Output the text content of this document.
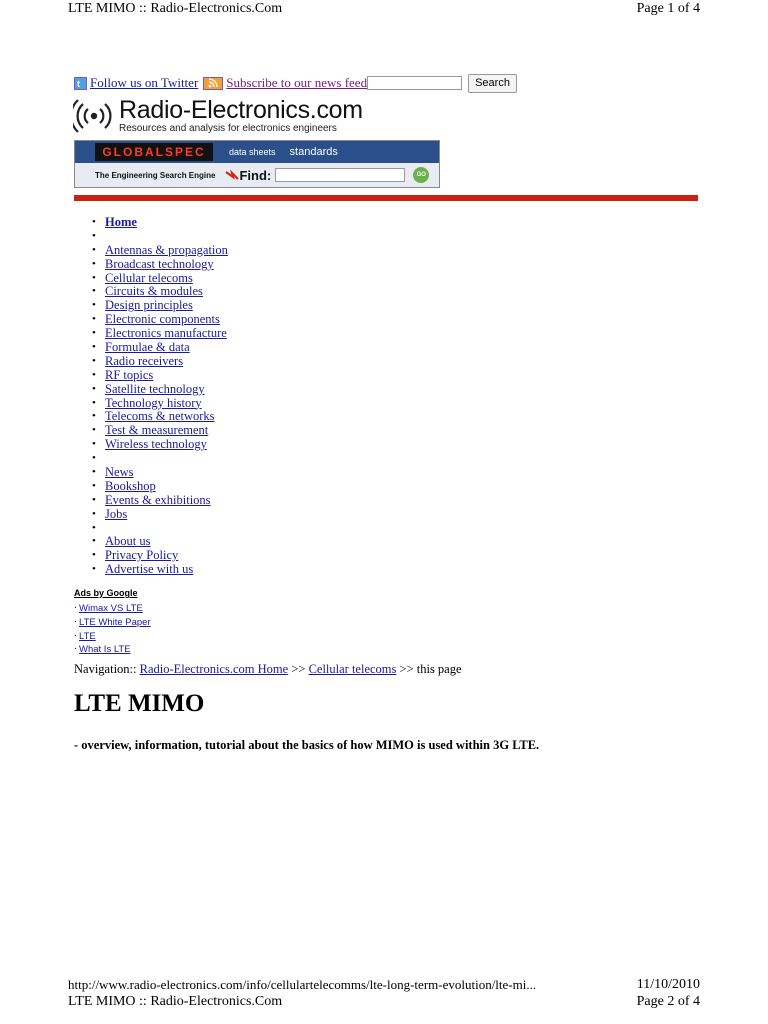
LTE MIMO :: Radio-Electronics.Com	Page 1 of 4
t Follow us on Twitter Subscribe to our news feed	Search
Radio-Electronics.com
Resources and analysis for electronics engineers
GLOBALSPEC	data sheets standards
The Engineering Search Engine Find:	GO
• Home
•
• Antennas & propagation
• Broadcast technology
• Cellular telecoms
• Circuits & modules
• Design principles
• Electronic components
• Electronics manufacture
• Formulae & data
• Radio receivers
• RF topics
• Satellite technology
• Technology history
• Telecoms & networks
• Test & measurement
• Wireless technology
•
• News
• Bookshop
• Events & exhibitions
• Jobs
•
• About us
• Privacy Policy
• Advertise with us
Ads by Google
. Wimax VS LTE
. LTE White Paper
. LTE
. What Is LTE
Navigation:: Radio-Electronics.com Home >> Cellular telecoms >> this page
LTE MIMO
- overview, information, tutorial about the basics of how MIMO is used within 3G LTE.
http://www.radio-electronics.com/info/cellulartelecomms/lte-long-term-evolution/lte-mi...	11/10/2010
LTE MIMO :: Radio-Electronics.Com	Page 2 of 4
